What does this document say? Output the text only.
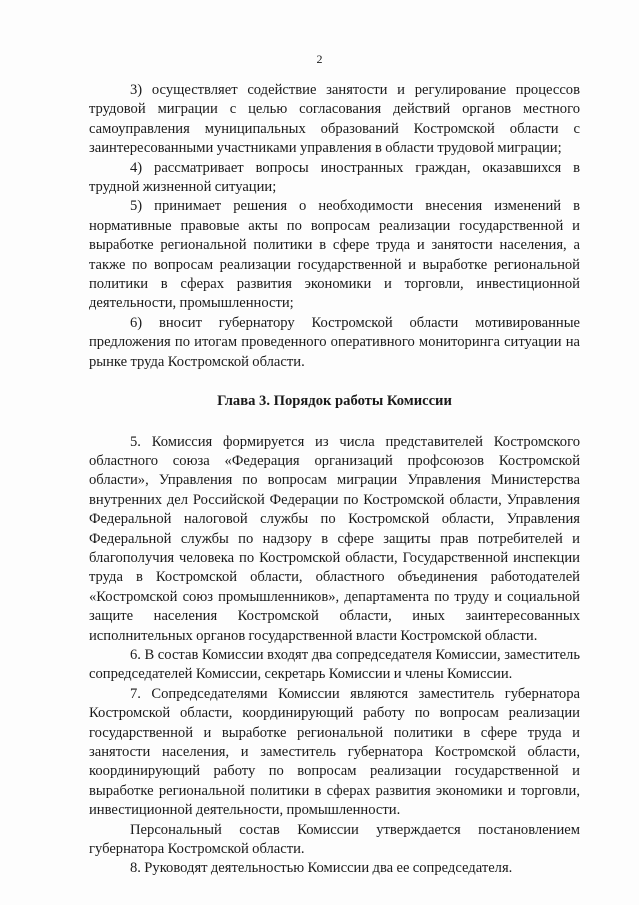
2

3) осуществляет содействие занятости и регулирование процессов трудовой миграции с целью согласования действий органов местного самоуправления муниципальных образований Костромской области с заинтересованными участниками управления в области трудовой миграции;

4) рассматривает вопросы иностранных граждан, оказавшихся в трудной жизненной ситуации;

5) принимает решения о необходимости внесения изменений в нормативные правовые акты по вопросам реализации государственной и выработке региональной политики в сфере труда и занятости населения, а также по вопросам реализации государственной и выработке региональной политики в сферах развития экономики и торговли, инвестиционной деятельности, промышленности;

6) вносит губернатору Костромской области мотивированные предложения по итогам проведенного оперативного мониторинга ситуации на рынке труда Костромской области.

Глава 3. Порядок работы Комиссии

5. Комиссия формируется из числа представителей Костромского областного союза «Федерация организаций профсоюзов Костромской области», Управления по вопросам миграции Управления Министерства внутренних дел Российской Федерации по Костромской области, Управления Федеральной налоговой службы по Костромской области, Управления Федеральной службы по надзору в сфере защиты прав потребителей и благополучия человека по Костромской области, Государственной инспекции труда в Костромской области, областного объединения работодателей «Костромской союз промышленников», департамента по труду и социальной защите населения Костромской области, иных заинтересованных исполнительных органов государственной власти Костромской области.

6. В состав Комиссии входят два сопредседателя Комиссии, заместитель сопредседателей Комиссии, секретарь Комиссии и члены Комиссии.

7. Сопредседателями Комиссии являются заместитель губернатора Костромской области, координирующий работу по вопросам реализации государственной и выработке региональной политики в сфере труда и занятости населения, и заместитель губернатора Костромской области, координирующий работу по вопросам реализации государственной и выработке региональной политики в сферах развития экономики и торговли, инвестиционной деятельности, промышленности.

Персональный состав Комиссии утверждается постановлением губернатора Костромской области.

8. Руководят деятельностью Комиссии два ее сопредседателя.
